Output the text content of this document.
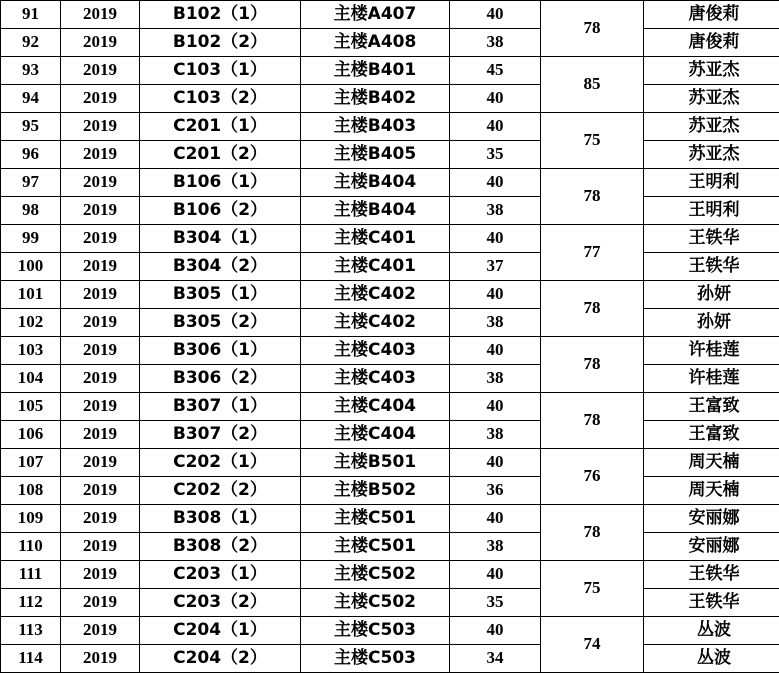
91	2019	B102（1）	主楼A407	40	78	唐俊莉
92	2019	B102（2）	主楼A408	38		唐俊莉
93	2019	C103（1）	主楼B401	45	85	苏亚杰
94	2019	C103（2）	主楼B402	40		苏亚杰
95	2019	C201（1）	主楼B403	40	75	苏亚杰
96	2019	C201（2）	主楼B405	35		苏亚杰
97	2019	B106（1）	主楼B404	40	78	王明利
98	2019	B106（2）	主楼B404	38		王明利
99	2019	B304（1）	主楼C401	40	77	王铁华
100	2019	B304（2）	主楼C401	37		王铁华
101	2019	B305（1）	主楼C402	40	78	孙妍
102	2019	B305（2）	主楼C402	38		孙妍
103	2019	B306（1）	主楼C403	40	78	许桂莲
104	2019	B306（2）	主楼C403	38		许桂莲
105	2019	B307（1）	主楼C404	40	78	王富致
106	2019	B307（2）	主楼C404	38		王富致
107	2019	C202（1）	主楼B501	40	76	周天楠
108	2019	C202（2）	主楼B502	36		周天楠
109	2019	B308（1）	主楼C501	40	78	安丽娜
110	2019	B308（2）	主楼C501	38		安丽娜
111	2019	C203（1）	主楼C502	40	75	王铁华
112	2019	C203（2）	主楼C502	35		王铁华
113	2019	C204（1）	主楼C503	40	74	丛波
114	2019	C204（2）	主楼C503	34		丛波
